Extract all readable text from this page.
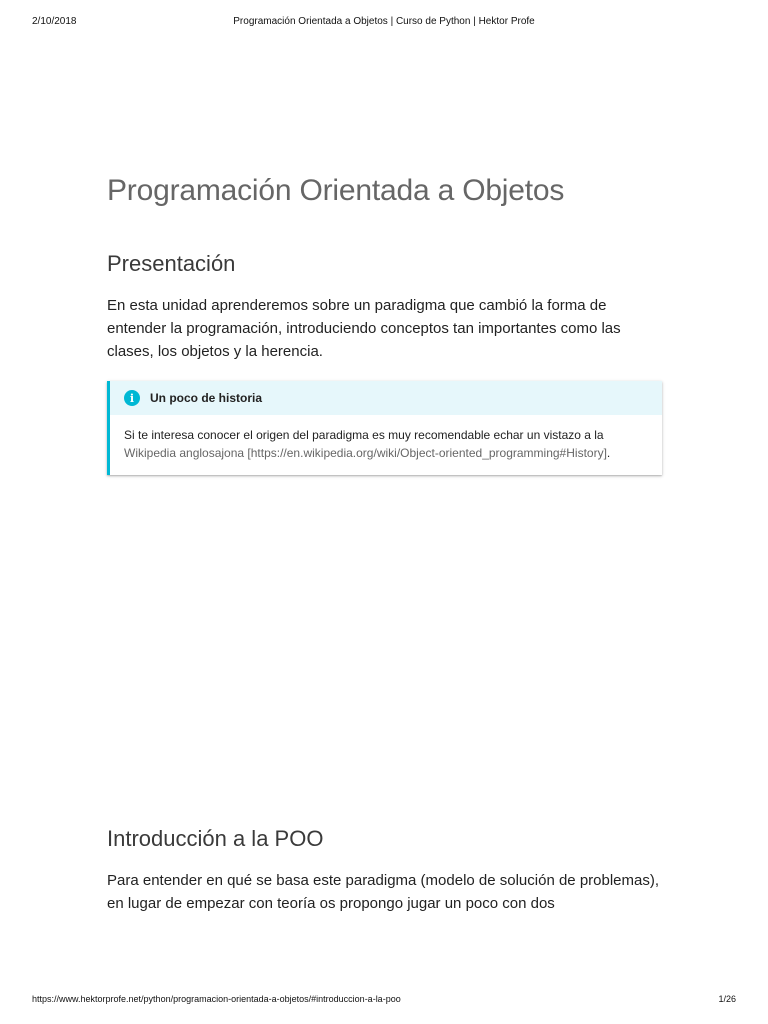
2/10/2018	Programación Orientada a Objetos | Curso de Python | Hektor Profe
Programación Orientada a Objetos
Presentación

En esta unidad aprenderemos sobre un paradigma que cambió la forma de entender la programación, introduciendo conceptos tan importantes como las clases, los objetos y la herencia.

i	Un poco de historia
Si te interesa conocer el origen del paradigma es muy recomendable echar un vistazo a la Wikipedia anglosajona [https://en.wikipedia.org/wiki/Object-oriented_programming#History].
Introducción a la POO

Para entender en qué se basa este paradigma (modelo de solución de problemas), en lugar de empezar con teoría os propongo jugar un poco con dos

https://www.hektorprofe.net/python/programacion-orientada-a-objetos/#introduccion-a-la-poo	1/26
